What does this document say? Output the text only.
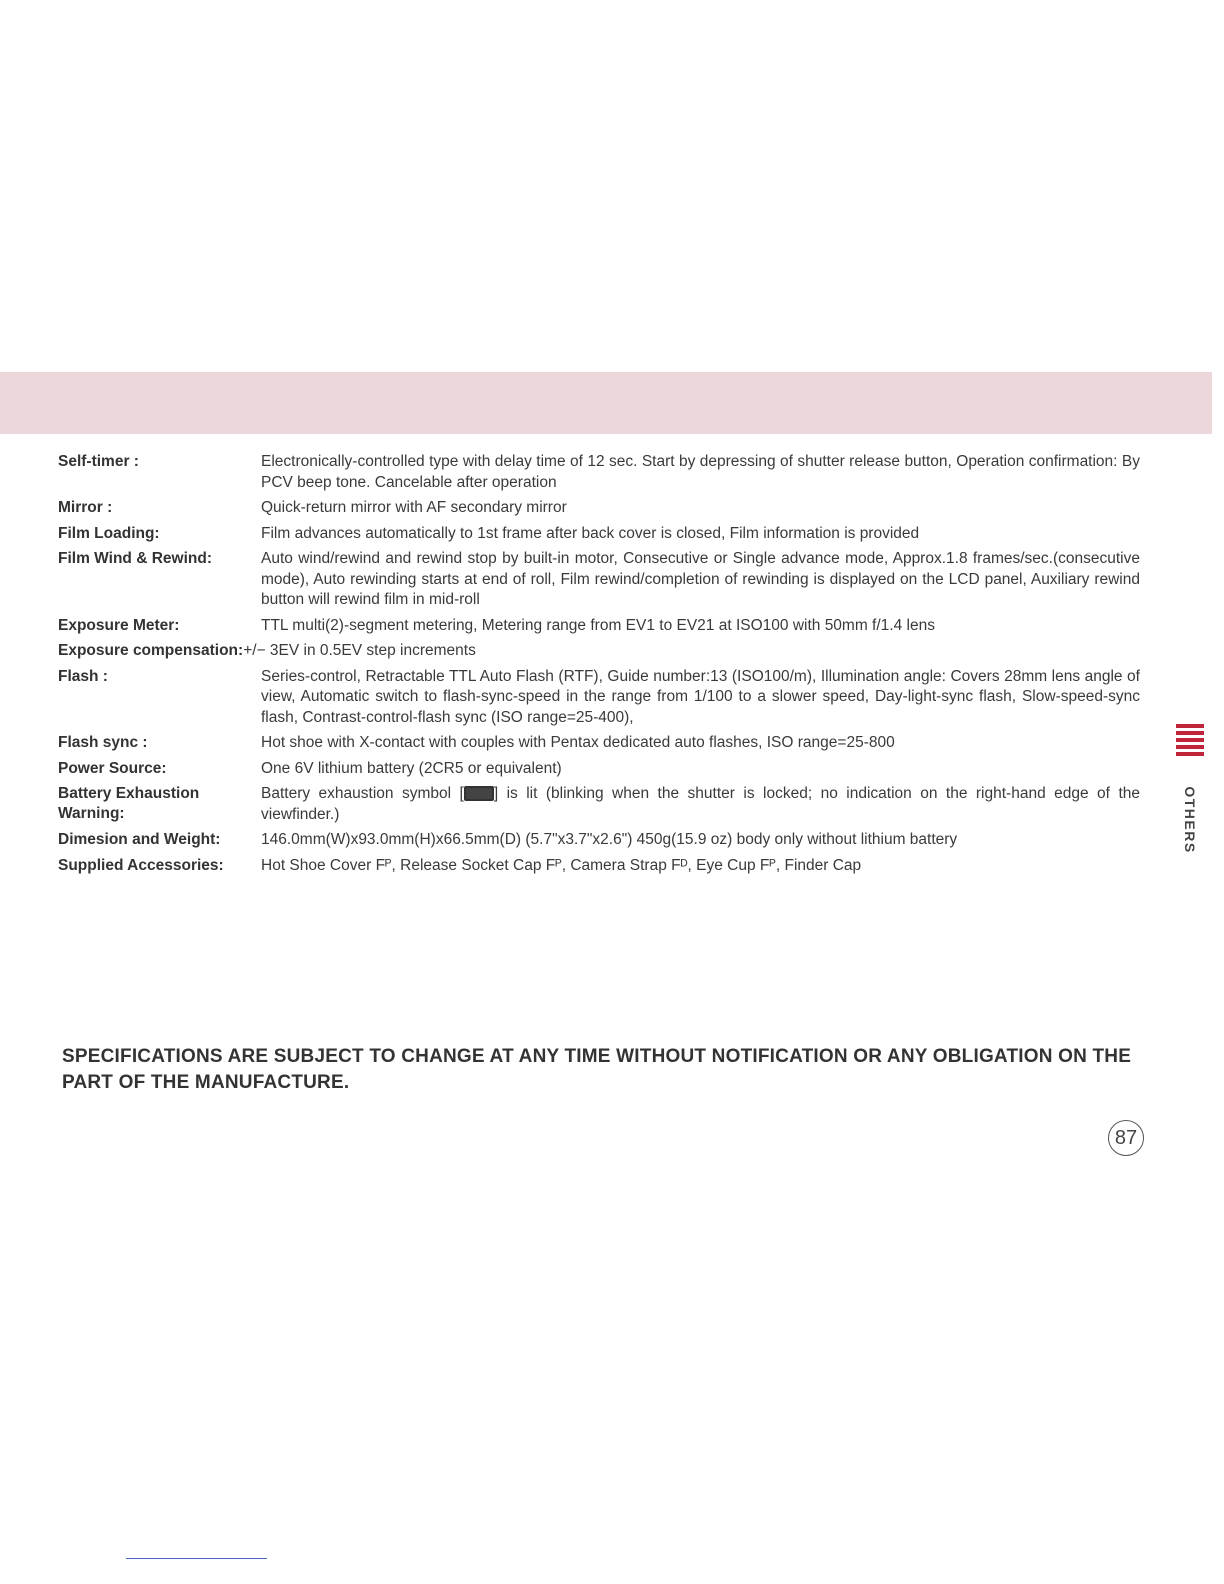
Self-timer :	Electronically-controlled type with delay time of 12 sec. Start by depressing of shutter release button, Operation confirmation: By PCV beep tone. Cancelable after operation
Mirror :	Quick-return mirror with AF secondary mirror
Film Loading:	Film advances automatically to 1st frame after back cover is closed, Film information is provided
Film Wind & Rewind:	Auto wind/rewind and rewind stop by built-in motor, Consecutive or Single advance mode, Approx.1.8 frames/sec.(consecutive mode), Auto rewinding starts at end of roll, Film rewind/completion of rewinding is displayed on the LCD panel, Auxiliary rewind button will rewind film in mid-roll
Exposure Meter:	TTL multi(2)-segment metering, Metering range from EV1 to EV21 at ISO100 with 50mm f/1.4 lens
Exposure compensation: +/− 3EV in 0.5EV step increments
Flash :	Series-control, Retractable TTL Auto Flash (RTF), Guide number:13 (ISO100/m), Illumination angle: Covers 28mm lens angle of view, Automatic switch to flash-sync-speed in the range from 1/100 to a slower speed, Day-light-sync flash, Slow-speed-sync flash, Contrast-control-flash sync (ISO range=25-400),
Flash sync :	Hot shoe with X-contact with couples with Pentax dedicated auto flashes, ISO range=25-800
Power Source:	One 6V lithium battery (2CR5 or equivalent)
Battery Exhaustion Warning:
Battery exhaustion symbol [ ] is lit (blinking when the shutter is locked; no indication on the right-hand edge of the viewfinder.)
Dimesion and Weight:	146.0mm(W)x93.0mm(H)x66.5mm(D) (5.7"x3.7"x2.6") 450g(15.9 oz) body only without lithium battery
Supplied Accessories:	Hot Shoe Cover Fᴾ, Release Socket Cap Fᴾ, Camera Strap Fᴰ, Eye Cup Fᴾ, Finder Cap
OTHERS
SPECIFICATIONS ARE SUBJECT TO CHANGE AT ANY TIME WITHOUT NOTIFICATION OR ANY OBLIGATION ON THE PART OF THE MANUFACTURE.
87
